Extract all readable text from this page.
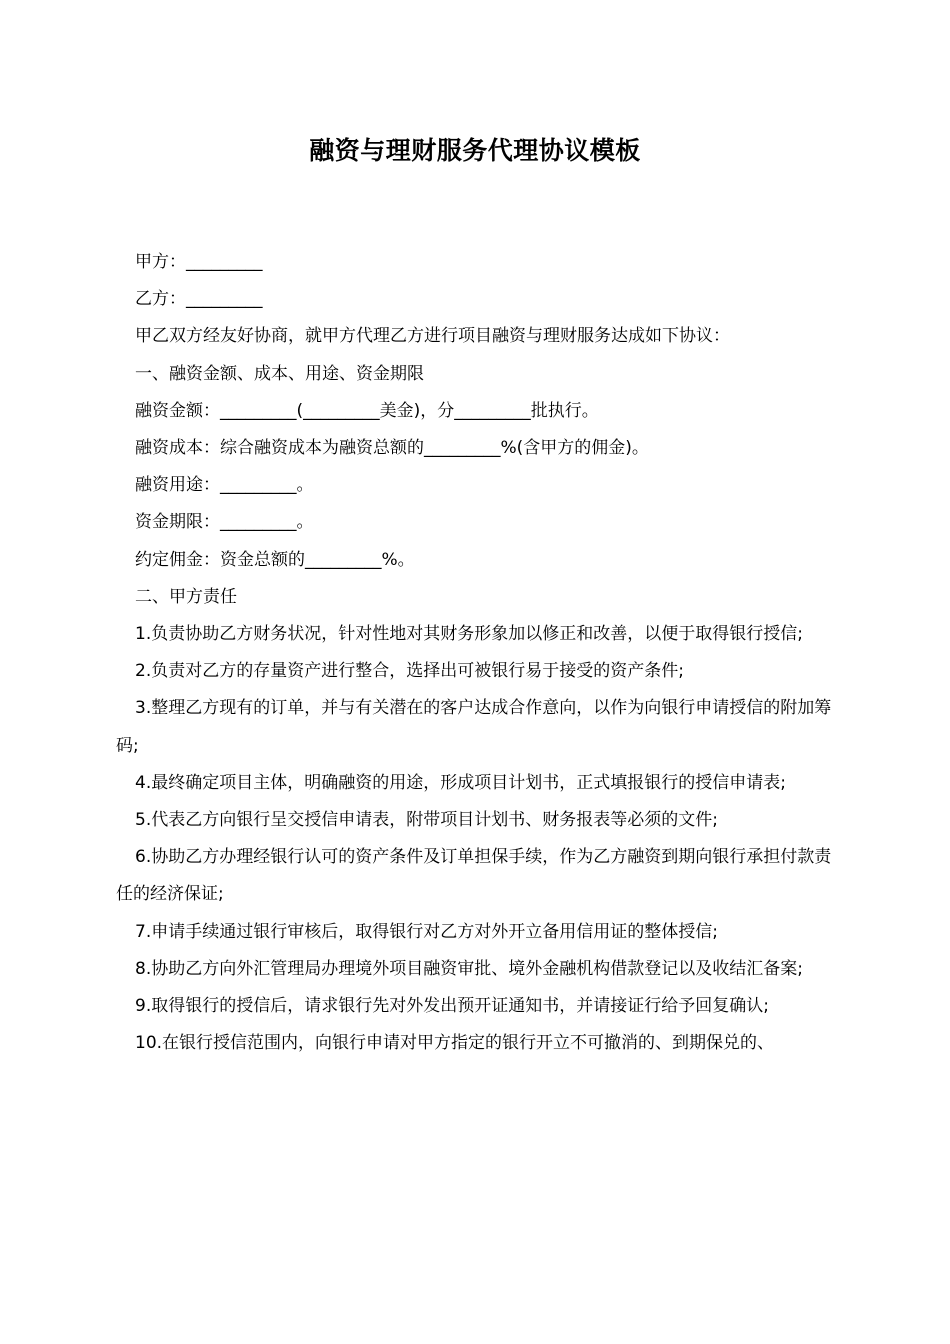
融资与理财服务代理协议模板

甲方：_________

乙方：_________

甲乙双方经友好协商，就甲方代理乙方进行项目融资与理财服务达成如下协议：

一、融资金额、成本、用途、资金期限

融资金额：_________(_________美金)，分_________批执行。

融资成本：综合融资成本为融资总额的_________%(含甲方的佣金)。

融资用途：_________。

资金期限：_________。

约定佣金：资金总额的_________%。

二、甲方责任

1.负责协助乙方财务状况，针对性地对其财务形象加以修正和改善，以便于取得银行授信;

2.负责对乙方的存量资产进行整合，选择出可被银行易于接受的资产条件;

3.整理乙方现有的订单，并与有关潜在的客户达成合作意向，以作为向银行申请授信的附加筹码;

4.最终确定项目主体，明确融资的用途，形成项目计划书，正式填报银行的授信申请表;

5.代表乙方向银行呈交授信申请表，附带项目计划书、财务报表等必须的文件;

6.协助乙方办理经银行认可的资产条件及订单担保手续，作为乙方融资到期向银行承担付款责任的经济保证;

7.申请手续通过银行审核后，取得银行对乙方对外开立备用信用证的整体授信;

8.协助乙方向外汇管理局办理境外项目融资审批、境外金融机构借款登记以及收结汇备案;

9.取得银行的授信后，请求银行先对外发出预开证通知书，并请接证行给予回复确认;

10.在银行授信范围内，向银行申请对甲方指定的银行开立不可撤消的、到期保兑的、
